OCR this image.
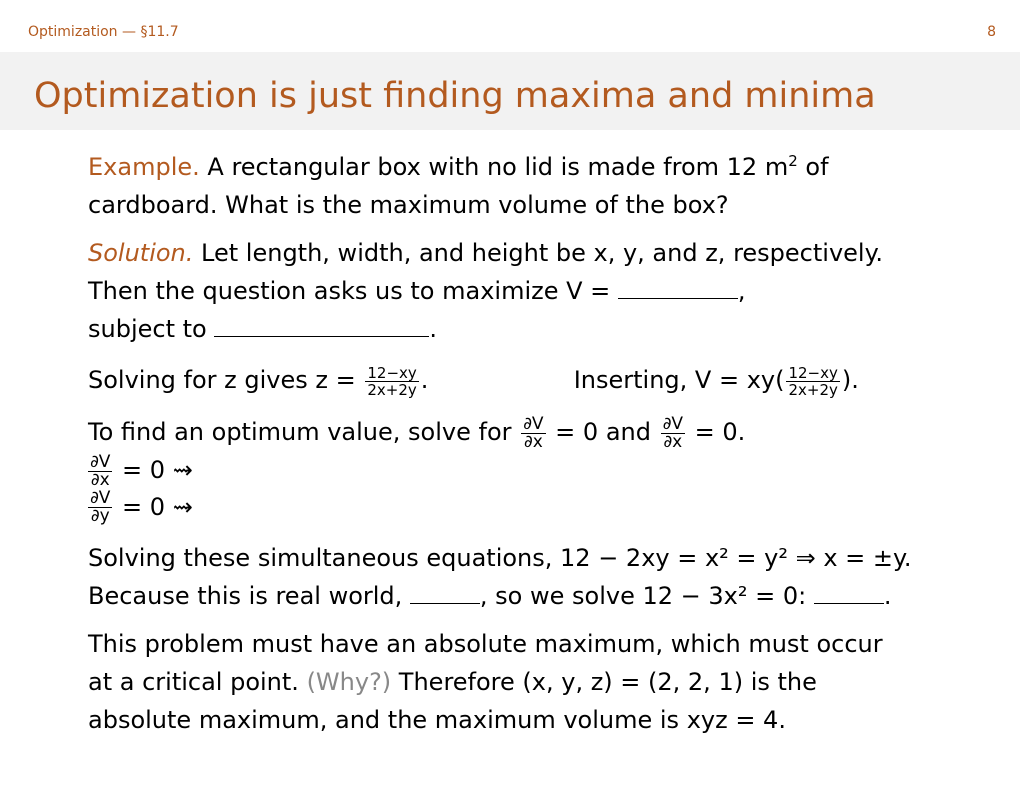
Optimization — §11.7	8
Optimization is just finding maxima and minima

Example. A rectangular box with no lid is made from 12 $m^2$ of
cardboard. What is the maximum volume of the box?

Solution. Let length, width, and height be x, y, and z, respectively.
Then the question asks us to maximize V =	,
subject to	.

Solving for z gives $z = \frac{12-xy}{2x+2y}$ .	Inserting, $V = xy( \frac{12-xy}{2x+2y}$ ).

To find an optimum value, solve for $\frac{\partial V}{\partial x} = 0$ and $\frac{\partial V}{\partial x} = 0$.

$\frac{\partial V}{\partial x} = 0$ ⇝
$\frac{\partial V}{\partial y} = 0$ ⇝

Solving these simultaneous equations, 12 − 2xy = x² = y² ⇒ x = ±y.
Because this is real world,	, so we solve 12 − 3x² = 0:	.

This problem must have an absolute maximum, which must occur
at a critical point. (Why?) Therefore (x, y, z) = (2, 2, 1) is the
absolute maximum, and the maximum volume is xyz = 4.
